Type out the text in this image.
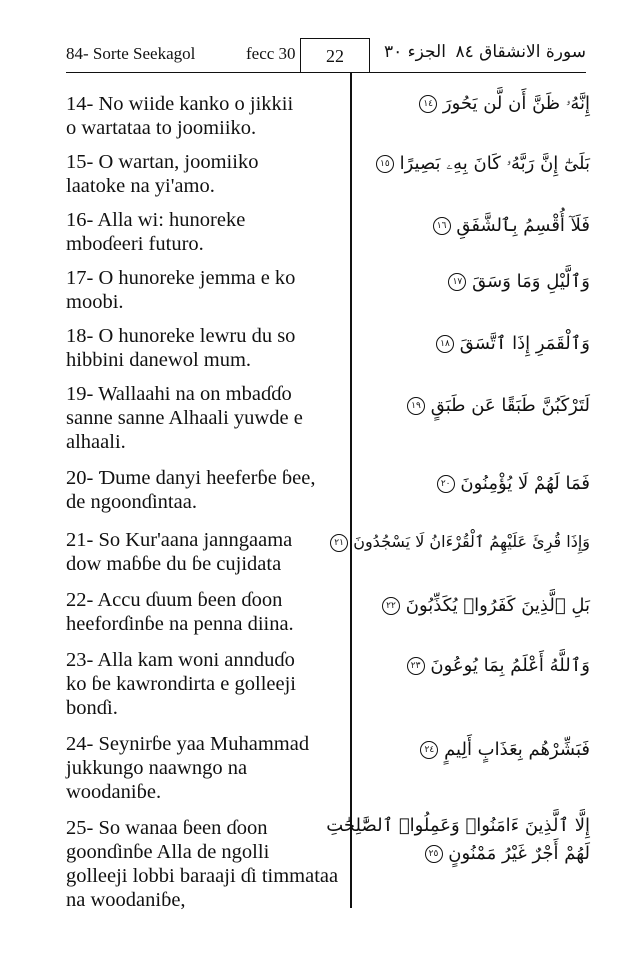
84- Sorte Seekagol	fecc 30	22	الجزء ٣٠ سورة الانشقاق ٨٤
14- No wiide kanko o jikkii
o wartataa to joomiiko.
إِنَّهُۥ ظَنَّ أَن لَّن يَحُورَ ١٤
15- O wartan, joomiiko
laatoke na yi'amo.
بَلَىٰٓ إِنَّ رَبَّهُۥ كَانَ بِهِۦ بَصِيرًا ١٥
16- Alla wi: hunoreke
mboɗeeri futuro.
فَلَآ أُقْسِمُ بِٱلشَّفَقِ ١٦
17- O hunoreke jemma e ko
moobi.
وَٱلَّيْلِ وَمَا وَسَقَ ١٧
18- O hunoreke lewru du so
hibbini danewol mum.
وَٱلْقَمَرِ إِذَا ٱتَّسَقَ ١٨
19- Wallaahi na on mbaɗɗo
sanne sanne Alhaali yuwde e
alhaali.
لَتَرْكَبُنَّ طَبَقًا عَن طَبَقٍ ١٩
20- Ɗume danyi heeferɓe ɓee,
de ngoonɗintaa.
فَمَا لَهُمْ لَا يُؤْمِنُونَ ٢٠
21- So Kur'aana janngaama
dow maɓɓe du ɓe cujidata
وَإِذَا قُرِئَ عَلَيْهِمُ ٱلْقُرْءَانُ لَا يَسْجُدُونَ ٢١
22- Accu ɗuum ɓeen ɗoon
heeforɗinɓe na penna diina.
بَلِ ٱلَّذِينَ كَفَرُوا۟ يُكَذِّبُونَ ٢٢
23- Alla kam woni annduɗo
ko ɓe kawrondirta e golleeji
bonɗi.
وَٱللَّهُ أَعْلَمُ بِمَا يُوعُونَ ٢٣
24- Seynirɓe yaa Muhammad
jukkungo naawngo na
woodaniɓe.
فَبَشِّرْهُم بِعَذَابٍ أَلِيمٍ ٢٤
25- So wanaa ɓeen ɗoon
goonɗinɓe Alla de ngolli
golleeji lobbi baraaji ɗi timmataa
na woodaniɓe,
إِلَّا ٱلَّذِينَ ءَامَنُوا۟ وَعَمِلُوا۟ ٱلصَّٰلِحَٰتِ
لَهُمْ أَجْرٌ غَيْرُ مَمْنُونٍ ٢٥
